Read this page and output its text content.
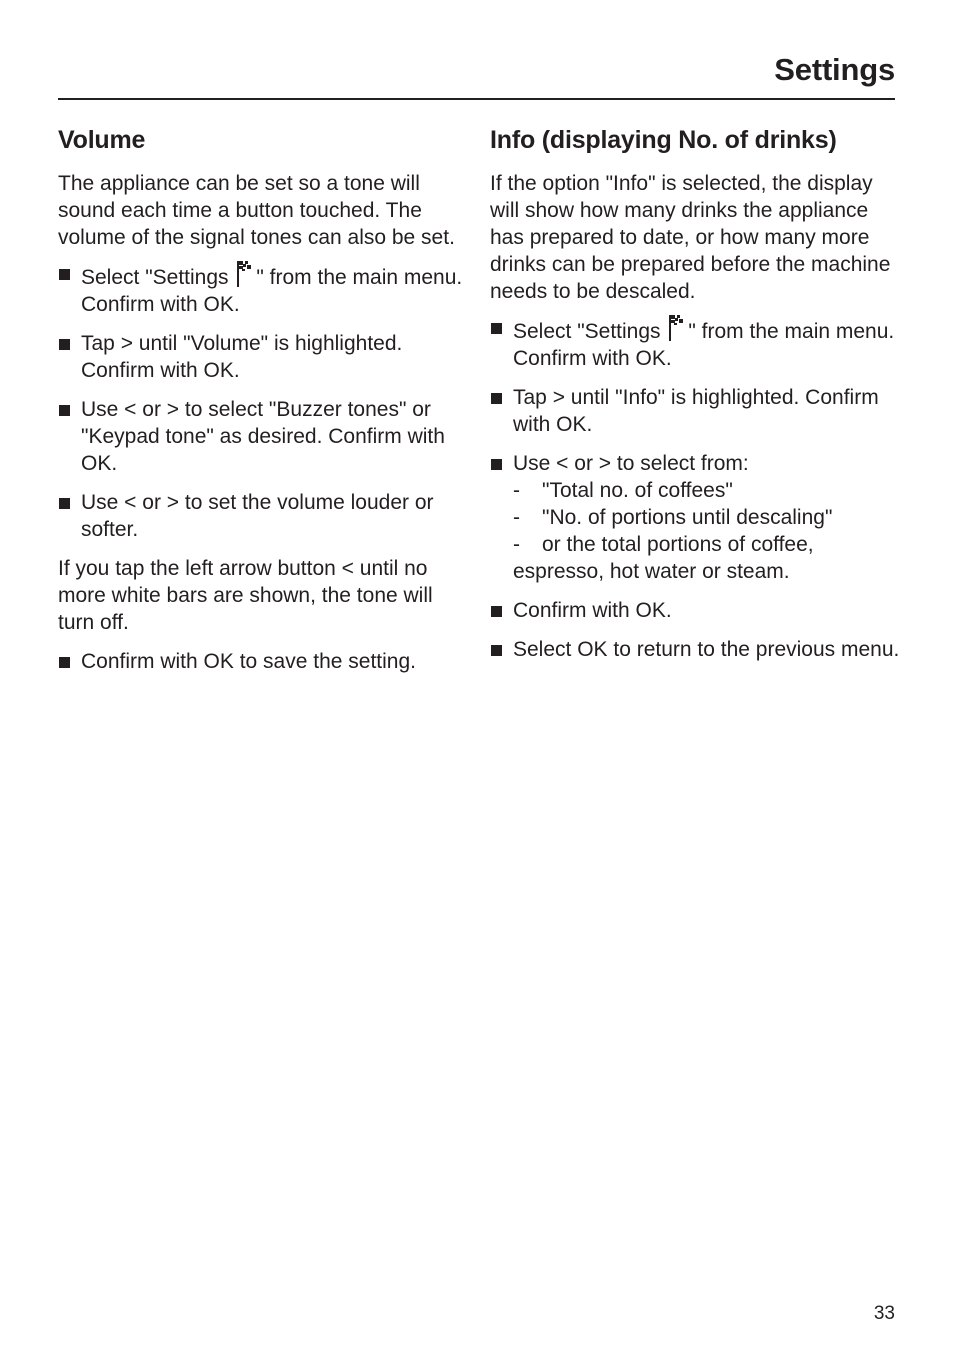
Settings
Volume

The appliance can be set so a tone will sound each time a button touched. The volume of the signal tones can also be set.

Select "Settings " from the main menu. Confirm with OK.
Tap > until "Volume" is highlighted. Confirm with OK.
Use < or > to select "Buzzer tones" or "Keypad tone" as desired. Confirm with OK.
Use < or > to set the volume louder or softer.

If you tap the left arrow button < until no more white bars are shown, the tone will turn off.

Confirm with OK to save the setting.
Info (displaying No. of drinks)

If the option "Info" is selected, the display will show how many drinks the appliance has prepared to date, or how many more drinks can be prepared before the machine needs to be descaled.

Select "Settings " from the main menu. Confirm with OK.
Tap > until "Info" is highlighted. Confirm with OK.
Use < or > to select from:
- "Total no. of coffees"
- "No. of portions until descaling"
- or the total portions of coffee, espresso, hot water or steam.
Confirm with OK.
Select OK to return to the previous menu.
33
